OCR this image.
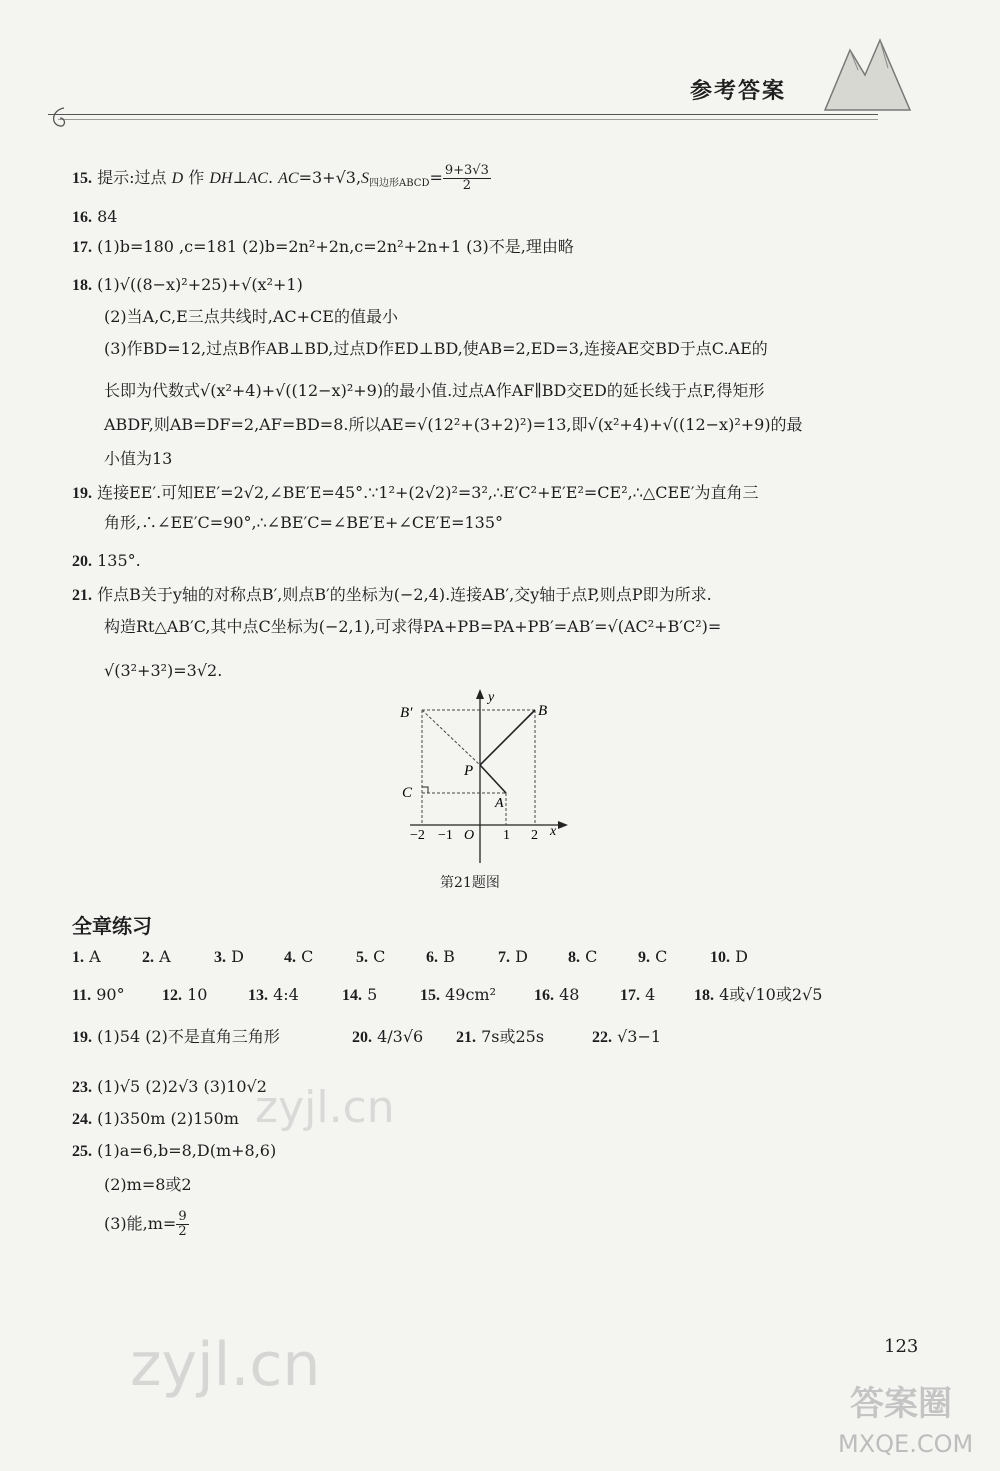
参考答案
15. 提示:过点 D 作 DH⊥AC. $AC=3+√3,S_{四边形ABCD}= \frac{9+3√3}{2}$
16. 84
17. (1)b=180 ,c=181 (2)b=2n²+2n,c=2n²+2n+1 (3)不是,理由略
18. (1)√((8−x)²+25)+√(x²+1)
(2)当A,C,E三点共线时,AC+CE的值最小
(3)作BD=12,过点B作AB⊥BD,过点D作ED⊥BD,使AB=2,ED=3,连接AE交BD于点C.AE的
长即为代数式√(x²+4)+√((12−x)²+9)的最小值.过点A作AF∥BD交ED的延长线于点F,得矩形
ABDF,则AB=DF=2,AF=BD=8.所以AE=√(12²+(3+2)²)=13,即√(x²+4)+√((12−x)²+9)的最
小值为13
19. 连接EE′.可知EE′=2√2,∠BE′E=45°.∵1²+(2√2)²=3²,∴E′C²+E′E²=CE²,∴△CEE′为直角三
角形,∴∠EE′C=90°,∴∠BE′C=∠BE′E+∠CE′E=135°
20. 135°.
21. 作点B关于y轴的对称点B′,则点B′的坐标为(−2,4).连接AB′,交y轴于点P,则点P即为所求.
构造Rt△AB′C,其中点C坐标为(−2,1),可求得PA+PB=PA+PB′=AB′=√(AC²+B′C²)=
√(3²+3²)=3√2.
B′	B
y
P
C
A
O	x
−2 −1	1 2
第21题图
全章练习
1. A	2. A	3. D	4. C	5. C	6. B	7. D	8. C	9. C	10. D
11. 90° 12. 10	13. 4:4	14. 5	15. 49cm² 16. 48	17. 4 18. 4或√10或2√5
19. (1)54 (2)不是直角三角形	20. 4/3√6 21. 7s或25s	22. √3−1
23. (1)√5 (2)2√3 (3)10√2
24. (1)350m (2)150m
25. (1)a=6,b=8,D(m+8,6)
(2)m=8或2
(3)能$,m= \frac{9}{2}$
123
zyjl.cn
zyjl.cn
MXQE.COM
答案圈
